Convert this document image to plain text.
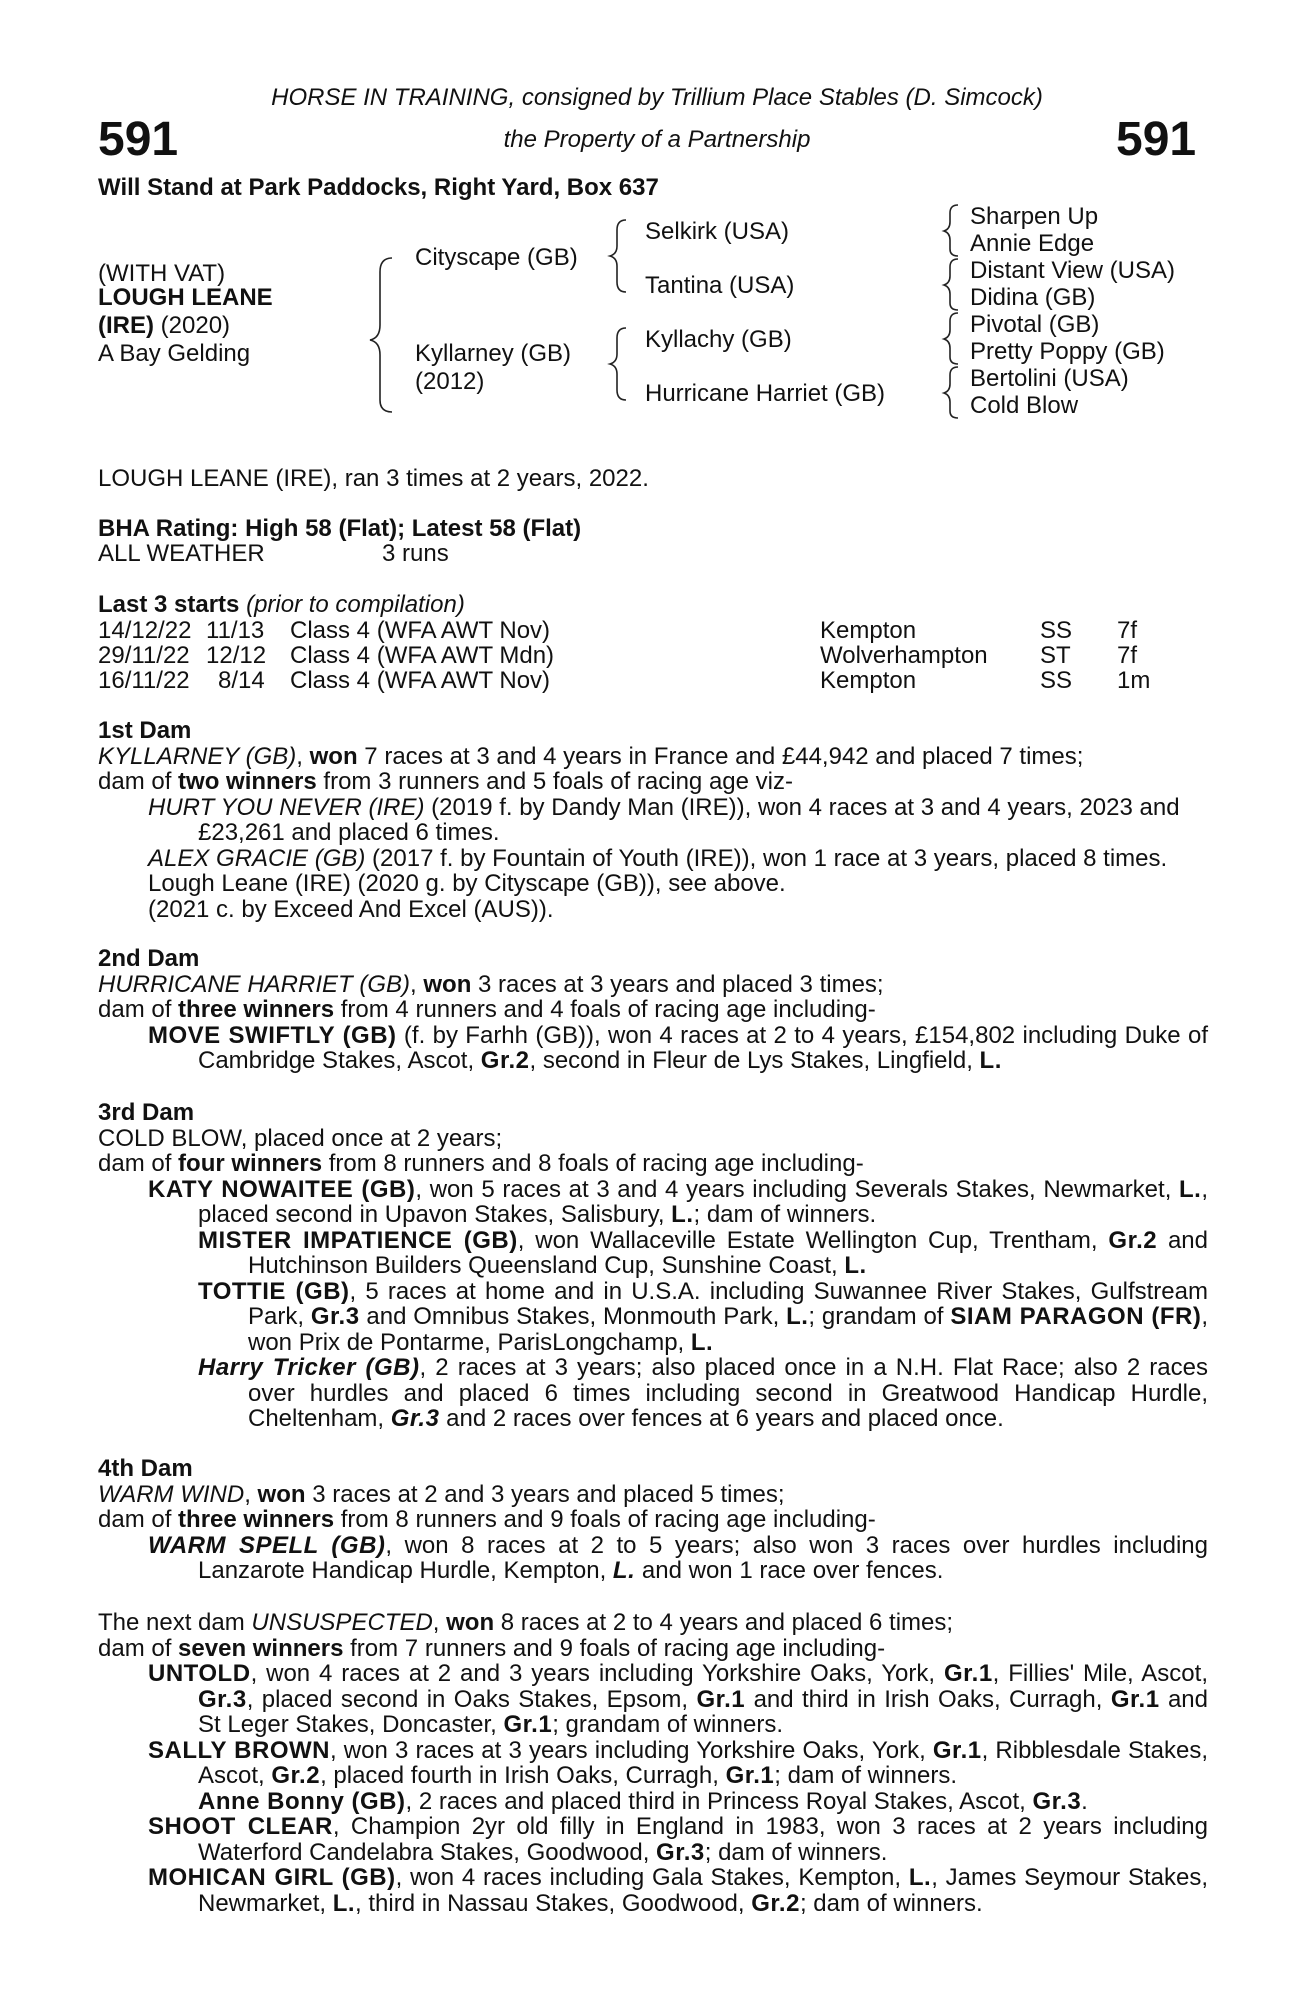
HORSE IN TRAINING, consigned by Trillium Place Stables (D. Simcock)
591	the Property of a Partnership	591
Will Stand at Park Paddocks, Right Yard, Box 637
(WITH VAT)
LOUGH LEANE
(IRE) (2020)
A Bay Gelding
Cityscape (GB)
Kyllarney (GB)
(2012)
Selkirk (USA)
Tantina (USA)
Kyllachy (GB)
Hurricane Harriet (GB)
Sharpen Up
Annie Edge
Distant View (USA)
Didina (GB)
Pivotal (GB)
Pretty Poppy (GB)
Bertolini (USA)
Cold Blow
LOUGH LEANE (IRE), ran 3 times at 2 years, 2022.
BHA Rating: High 58 (Flat); Latest 58 (Flat)
ALL WEATHER	3 runs
Last 3 starts (prior to compilation)
14/12/22 11/13 Class 4 (WFA AWT Nov)	Kempton	SS 7f
29/11/22 12/12 Class 4 (WFA AWT Mdn)	Wolverhampton ST 7f
16/11/22 8/14 Class 4 (WFA AWT Nov)	Kempton	SS 1m

1st Dam

KYLLARNEY (GB), won 7 races at 3 and 4 years in France and £44,942 and placed 7 times;

dam of two winners from 3 runners and 5 foals of racing age viz-

HURT YOU NEVER (IRE) (2019 f. by Dandy Man (IRE)), won 4 races at 3 and 4 years, 2023 and £23,261 and placed 6 times.

ALEX GRACIE (GB) (2017 f. by Fountain of Youth (IRE)), won 1 race at 3 years, placed 8 times.

Lough Leane (IRE) (2020 g. by Cityscape (GB)), see above.

(2021 c. by Exceed And Excel (AUS)).

2nd Dam

HURRICANE HARRIET (GB), won 3 races at 3 years and placed 3 times;

dam of three winners from 4 runners and 4 foals of racing age including-

MOVE SWIFTLY (GB) (f. by Farhh (GB)), won 4 races at 2 to 4 years, £154,802 including Duke of Cambridge Stakes, Ascot, Gr.2, second in Fleur de Lys Stakes, Lingfield, L.

3rd Dam

COLD BLOW, placed once at 2 years;

dam of four winners from 8 runners and 8 foals of racing age including-

KATY NOWAITEE (GB), won 5 races at 3 and 4 years including Severals Stakes, Newmarket, L., placed second in Upavon Stakes, Salisbury, L.; dam of winners.

MISTER IMPATIENCE (GB), won Wallaceville Estate Wellington Cup, Trentham, Gr.2 and Hutchinson Builders Queensland Cup, Sunshine Coast, L.

TOTTIE (GB), 5 races at home and in U.S.A. including Suwannee River Stakes, Gulfstream Park, Gr.3 and Omnibus Stakes, Monmouth Park, L.; grandam of SIAM PARAGON (FR), won Prix de Pontarme, ParisLongchamp, L.

Harry Tricker (GB), 2 races at 3 years; also placed once in a N.H. Flat Race; also 2 races over hurdles and placed 6 times including second in Greatwood Handicap Hurdle, Cheltenham, Gr.3 and 2 races over fences at 6 years and placed once.

4th Dam

WARM WIND, won 3 races at 2 and 3 years and placed 5 times;

dam of three winners from 8 runners and 9 foals of racing age including-

WARM SPELL (GB), won 8 races at 2 to 5 years; also won 3 races over hurdles including Lanzarote Handicap Hurdle, Kempton, L. and won 1 race over fences.

The next dam UNSUSPECTED, won 8 races at 2 to 4 years and placed 6 times;

dam of seven winners from 7 runners and 9 foals of racing age including-

UNTOLD, won 4 races at 2 and 3 years including Yorkshire Oaks, York, Gr.1, Fillies' Mile, Ascot, Gr.3, placed second in Oaks Stakes, Epsom, Gr.1 and third in Irish Oaks, Curragh, Gr.1 and St Leger Stakes, Doncaster, Gr.1; grandam of winners.

SALLY BROWN, won 3 races at 3 years including Yorkshire Oaks, York, Gr.1, Ribblesdale Stakes, Ascot, Gr.2, placed fourth in Irish Oaks, Curragh, Gr.1; dam of winners.

Anne Bonny (GB), 2 races and placed third in Princess Royal Stakes, Ascot, Gr.3.

SHOOT CLEAR, Champion 2yr old filly in England in 1983, won 3 races at 2 years including Waterford Candelabra Stakes, Goodwood, Gr.3; dam of winners.

MOHICAN GIRL (GB), won 4 races including Gala Stakes, Kempton, L., James Seymour Stakes, Newmarket, L., third in Nassau Stakes, Goodwood, Gr.2; dam of winners.
